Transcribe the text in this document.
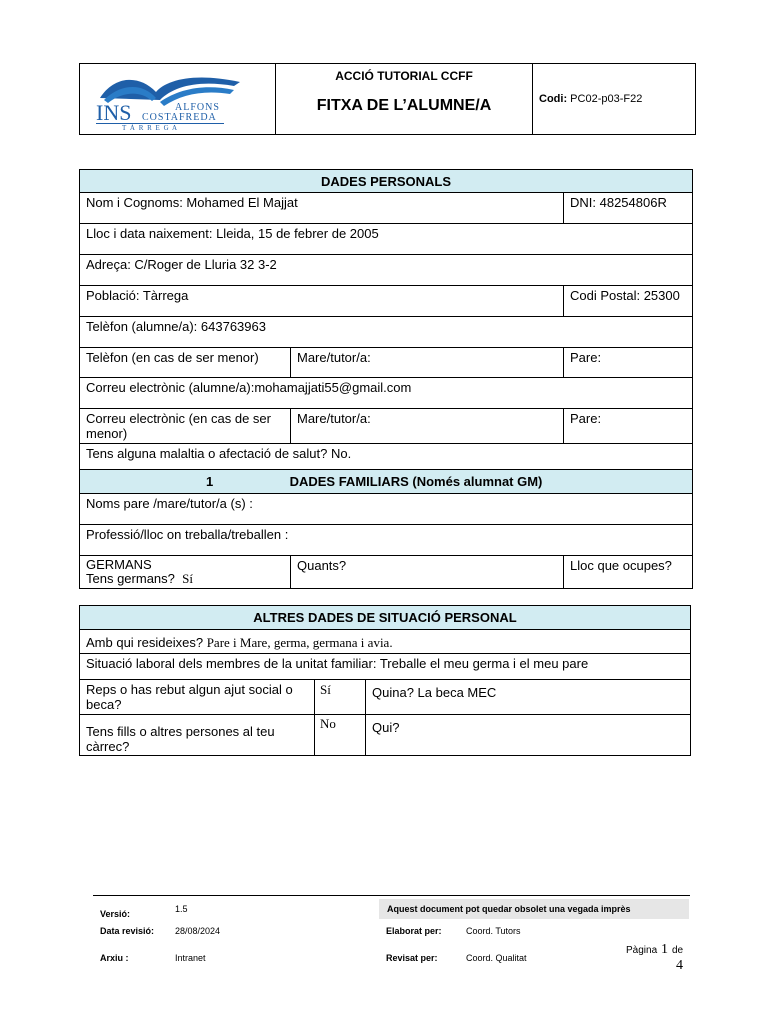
INS	ALFONS
COSTAFREDA
T À R R E G A

ACCIÓ TUTORIAL CCFF
FITXA DE L’ALUMNE/A	Codi: PC02-p03-F22
DADES PERSONALS		
Nom i Cognoms: Mohamed El Majjat		DNI: 48254806R
Lloc i data naixement: Lleida, 15 de febrer de 2005		
Adreça: C/Roger de Lluria 32 3-2		
Població: Tàrrega		Codi Postal: 25300
Telèfon (alumne/a): 643763963		
Telèfon (en cas de ser menor)	Mare/tutor/a:	Pare:
Correu electrònic (alumne/a):mohamajjati55@gmail.com		
Correu electrònic (en cas de ser menor)	Mare/tutor/a:	Pare:
Tens alguna malaltia o afectació de salut? No.		
1 DADES FAMILIARS (Només alumnat GM)		
Noms pare /mare/tutor/a (s) :		
Professió/lloc on treballa/treballen :		

GERMANS
Tens germans? Sí	Quants?	Lloc que ocupes?
ALTRES DADES DE SITUACIÓ PERSONAL		
Amb qui resideixes? Pare i Mare, germa, germana i avia.		
Situació laboral dels membres de la unitat familiar: Treballe el meu germa i el meu pare		
Reps o has rebut algun ajut social o beca?	Sí	Quina? La beca MEC
Tens fills o altres persones al teu càrrec?	No	Qui?
Versió:	1.5	Aquest document pot quedar obsolet una vegada imprès
Data revisió: 28/08/2024	Elaborat per:	Coord. Tutors
Arxiu :	Intranet	Revisat per:	Coord. Qualitat
Pàgina 1 de
4
